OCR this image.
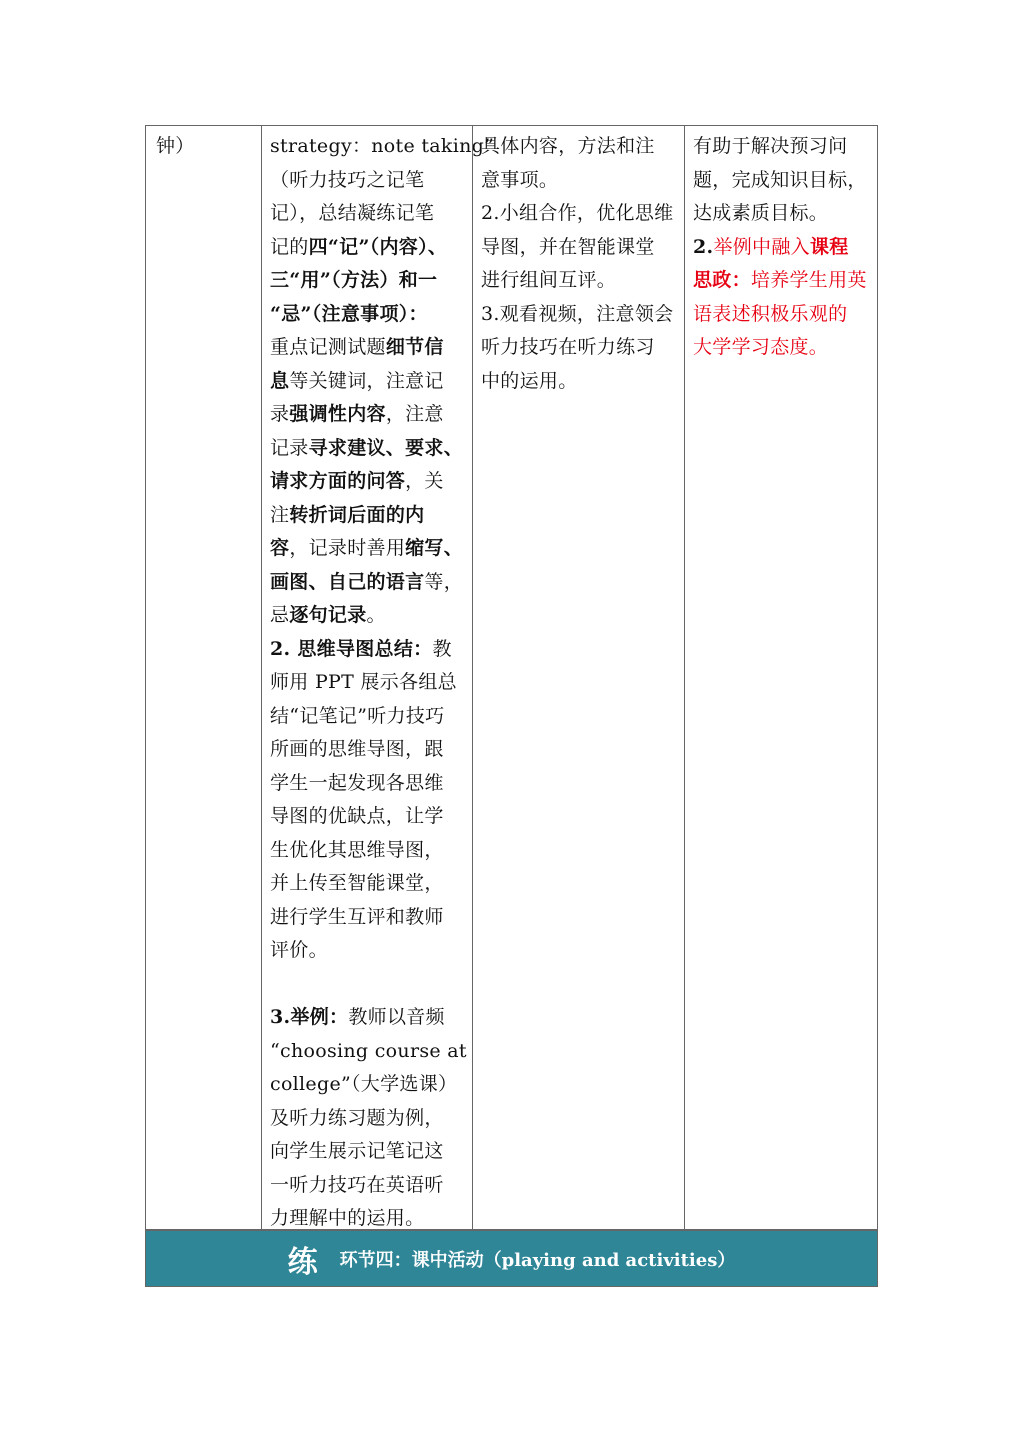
钟）	strategy：note taking”
（听力技巧之记笔
记），总结凝练记笔
记的四“记”（内容）、
三“用”（方法）和一
“忌”（注意事项）：
重点记测试题细节信
息等关键词，注意记
录强调性内容，注意
记录寻求建议、要求、
请求方面的问答，关
注转折词后面的内
容，记录时善用缩写、
画图、自己的语言等，
忌逐句记录。
2. 思维导图总结：教
师用 PPT 展示各组总
结“记笔记”听力技巧
所画的思维导图，跟
学生一起发现各思维
导图的优缺点，让学
生优化其思维导图，
并上传至智能课堂，
进行学生互评和教师
评价。
3.举例：教师以音频
“choosing course at
college”（大学选课）
及听力练习题为例，
向学生展示记笔记这
一听力技巧在英语听
力理解中的运用。
具体内容，方法和注
意事项。
2.小组合作，优化思维
导图，并在智能课堂
进行组间互评。
3.观看视频，注意领会
听力技巧在听力练习
中的运用。
有助于解决预习问
题，完成知识目标，
达成素质目标。
2.举例中融入课程
思政：培养学生用英
语表述积极乐观的
大学学习态度。
练 环节四：课中活动（playing and activities）
